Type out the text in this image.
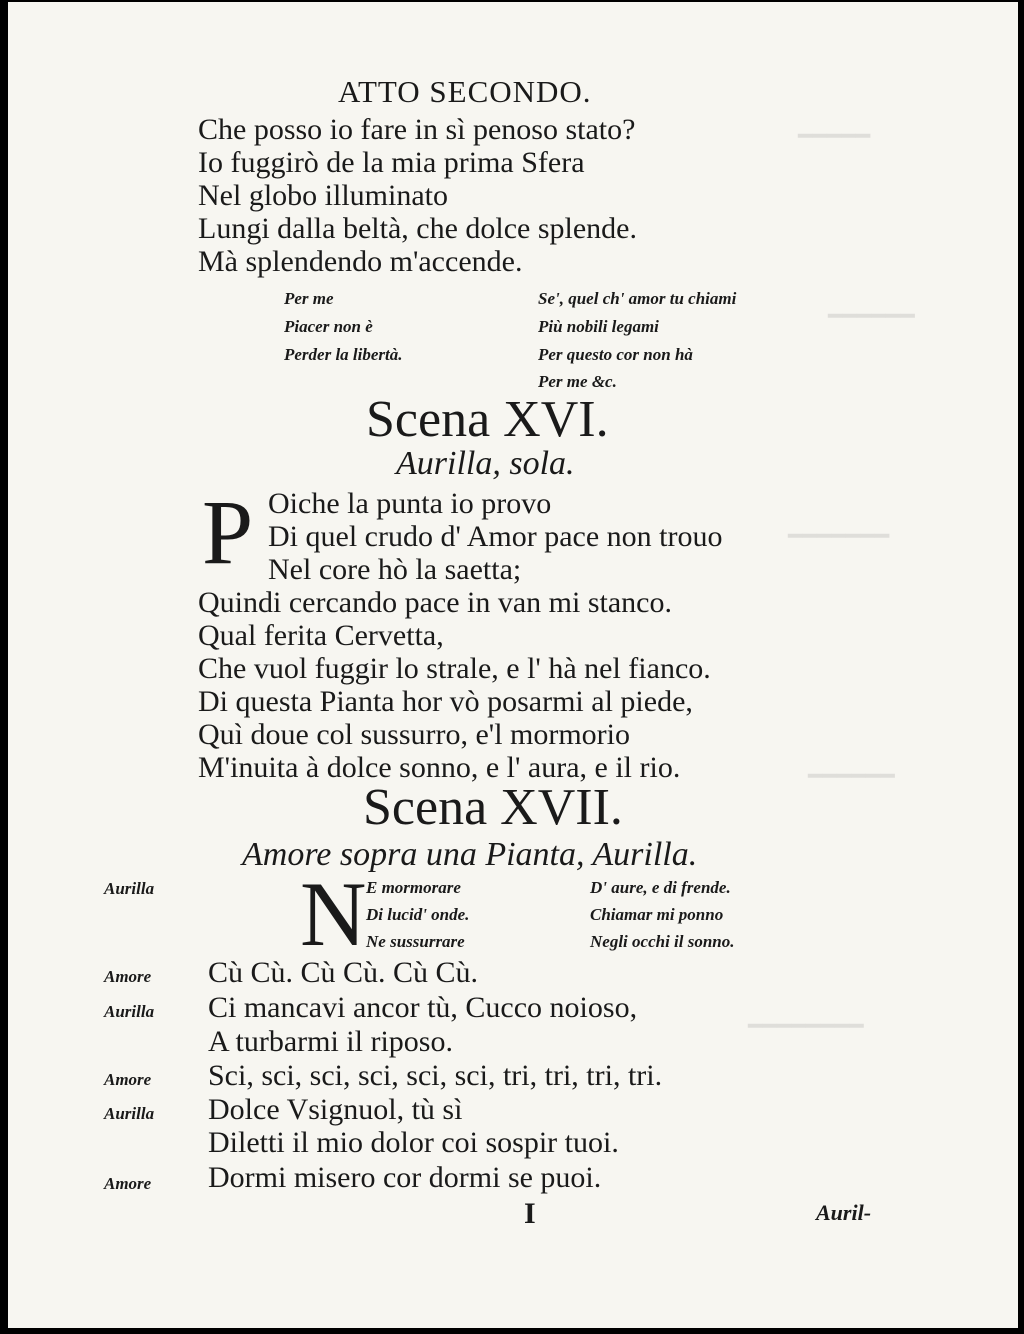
━━━━━
━━━━━━
━━━━━━━
━━━━━━
━━━━━━━━
ATTO SECONDO.
Che posso io fare in sì penoso stato?
Io fuggirò de la mia prima Sfera
Nel globo illuminato
Lungi dalla beltà, che dolce splende.
Mà splendendo m'accende.
Per me
Piacer non è
Perder la libertà.
Se', quel ch' amor tu chiami
Più nobili legami
Per questo cor non hà
Per me &c.
Scena XVI.
Aurilla, sola.
P Oiche la punta io provo
Di quel crudo d' Amor pace non trouo
Nel core hò la saetta;
Quindi cercando pace in van mi stanco.
Qual ferita Cervetta,
Che vuol fuggir lo strale, e l' hà nel fianco.
Di questa Pianta hor vò posarmi al piede,
Quì doue col sussurro, e'l mormorio
M'inuita à dolce sonno, e l' aura, e il rio.
Scena XVII.
Amore sopra una Pianta, Aurilla.
Aurilla N E mormorare
Di lucid' onde.
Ne sussurrare
D' aure, e di frende.
Chiamar mi ponno
Negli occhi il sonno.
Amore Cù Cù. Cù Cù. Cù Cù.
Aurilla Ci mancavi ancor tù, Cucco noioso,
A turbarmi il riposo.
Amore Sci, sci, sci, sci, sci, sci, tri, tri, tri, tri.
Aurilla Dolce Vsignuol, tù sì
Diletti il mio dolor coi sospir tuoi.
Amore Dormi misero cor dormi se puoi.
I	Auril-
